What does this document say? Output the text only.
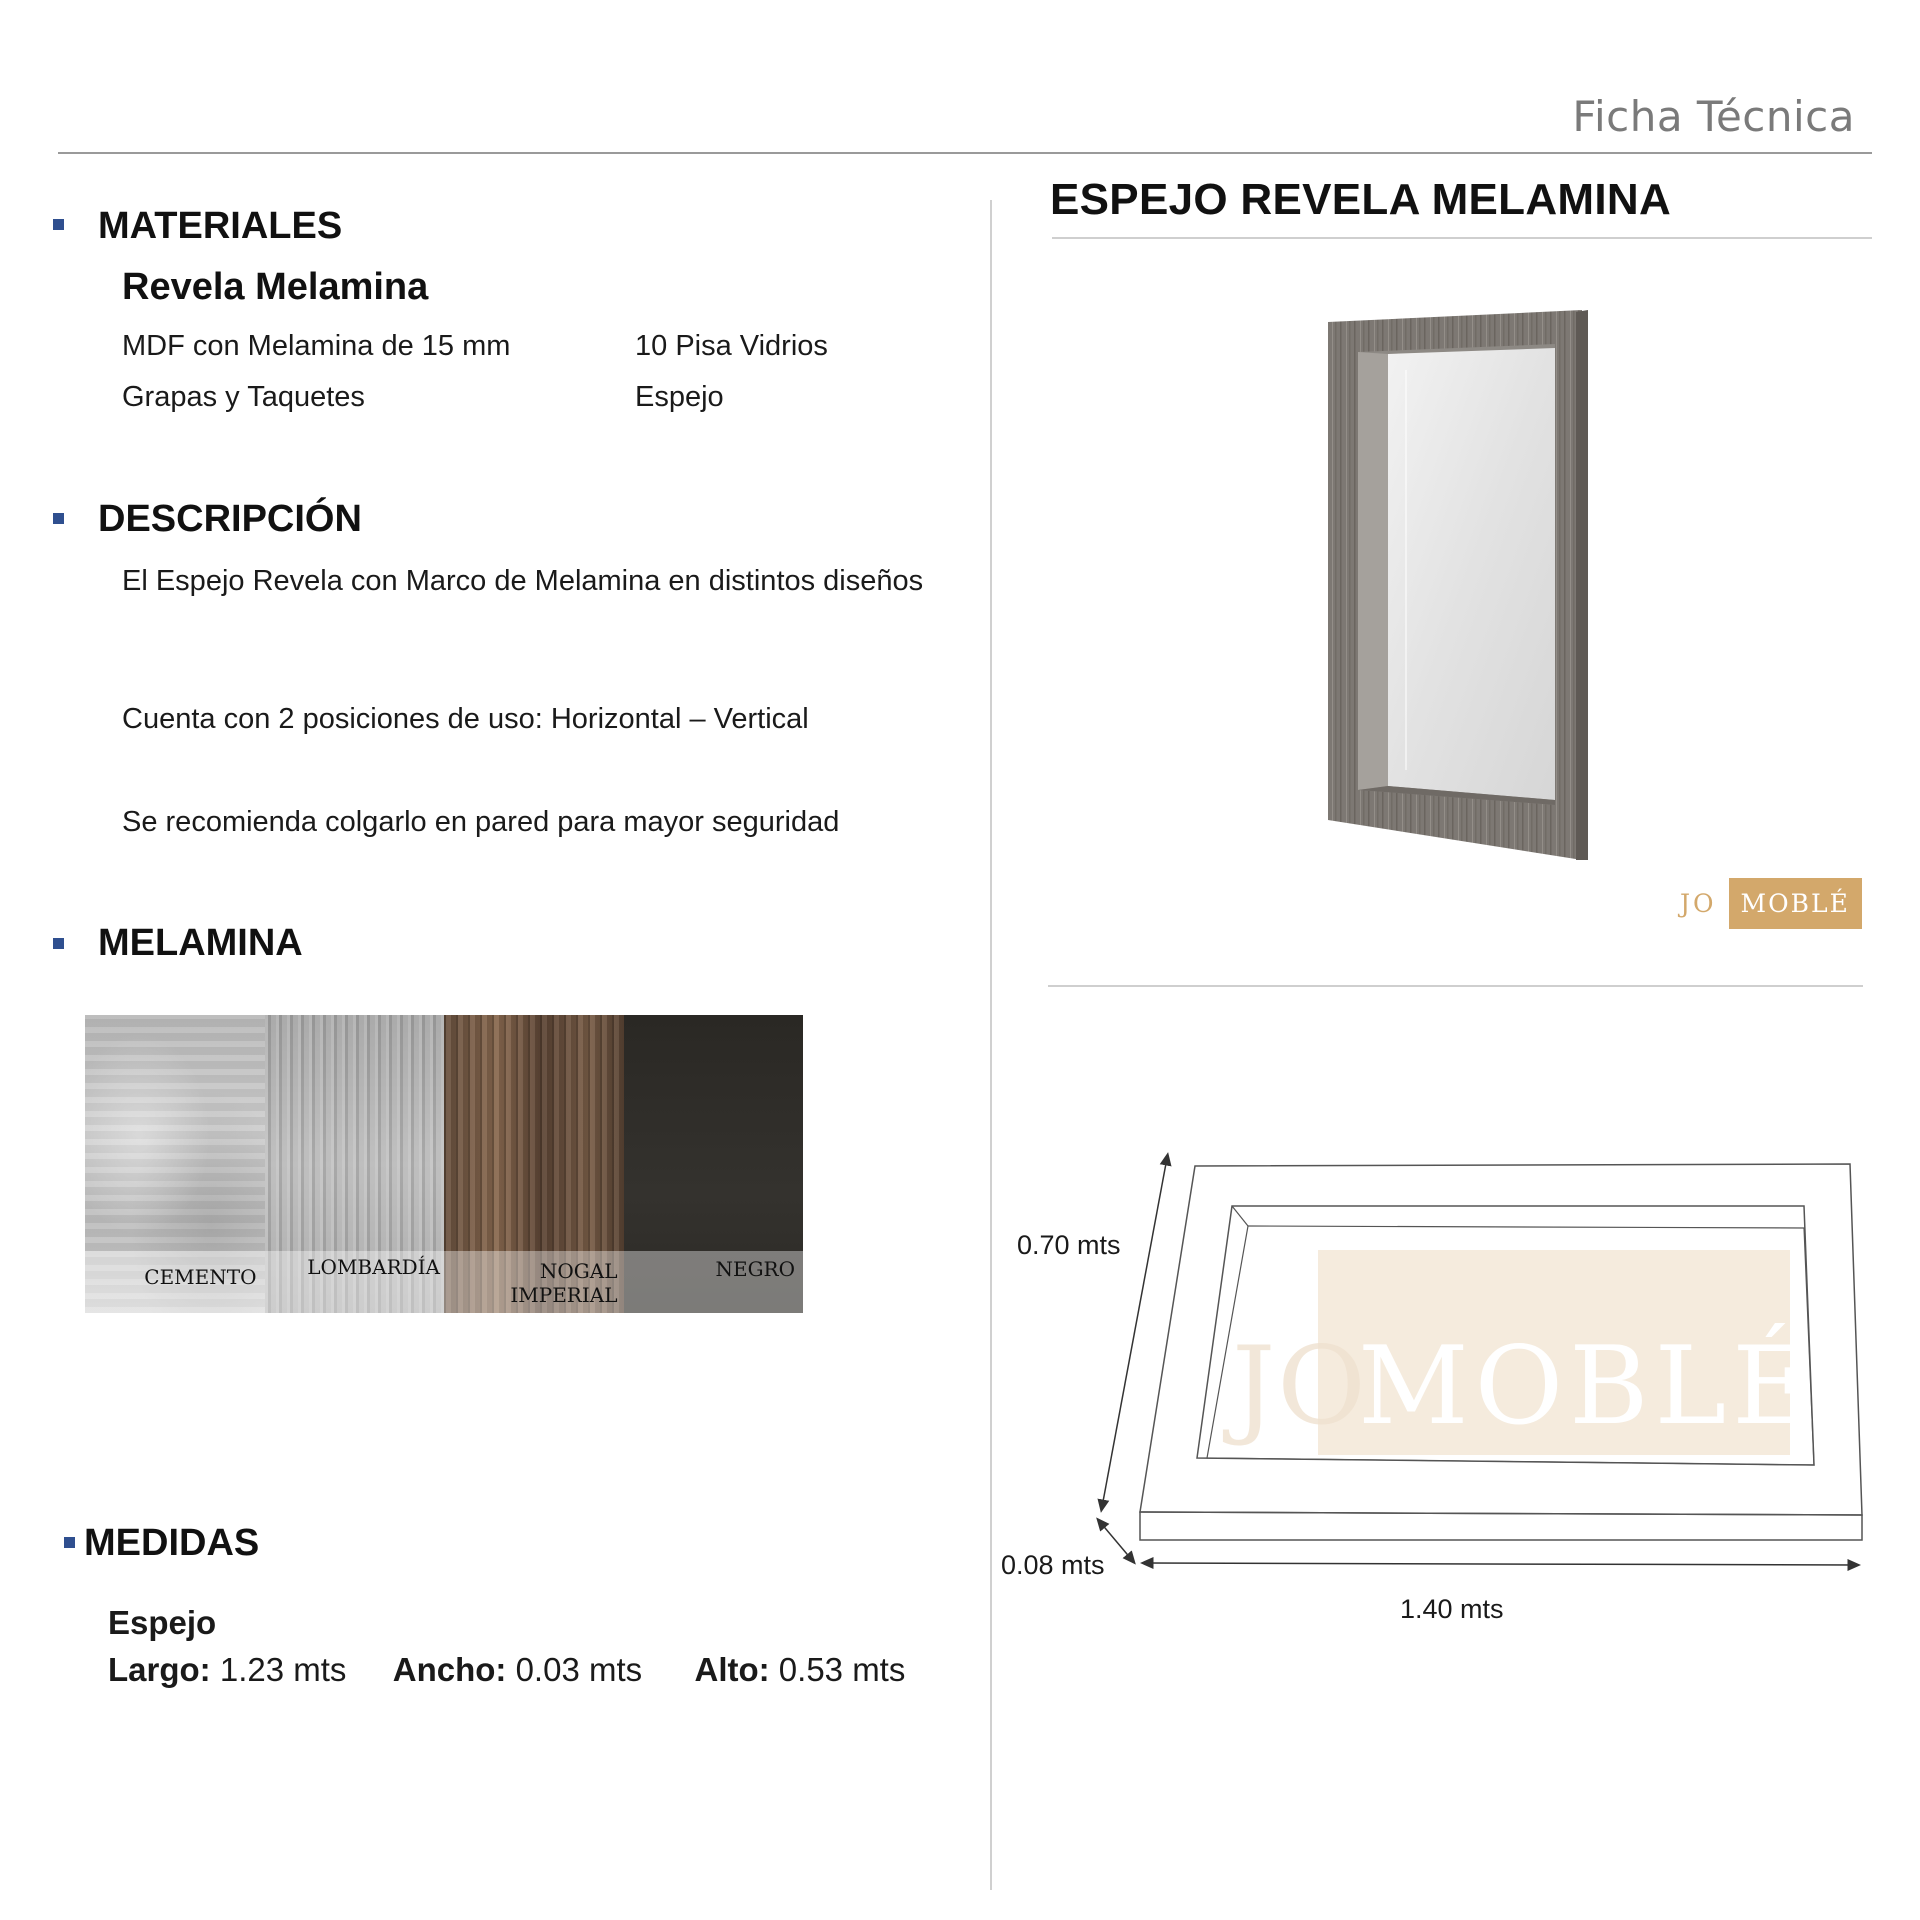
Ficha Técnica
MATERIALES
Revela Melamina
MDF con Melamina de 15 mm	10 Pisa Vidrios
Grapas y Taquetes	Espejo
DESCRIPCIÓN
El Espejo Revela con Marco de Melamina en distintos diseños
Cuenta con 2 posiciones de uso: Horizontal – Vertical
Se recomienda colgarlo en pared para mayor seguridad
MELAMINA
CEMENTO	LOMBARDÍA	NOGAL IMPERIAL
NEGRO
MEDIDAS
Espejo
Largo: 1.23 mts Ancho: 0.03 mts Alto: 0.53 mts
ESPEJO REVELA MELAMINA
JO MOBLÉ
JO
MOBLÉ
0.70 mts
0.08 mts
1.40 mts
